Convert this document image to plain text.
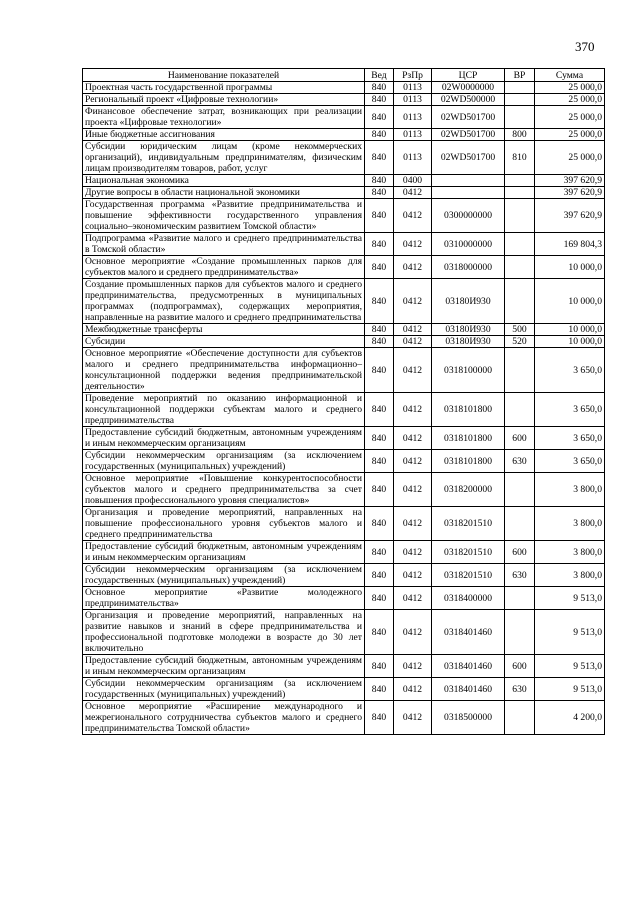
370
Наименование показателей	Вед	РзПр	ЦСР	ВР	Сумма
Проектная часть государственной программы	840	0113	02W0000000		25 000,0
Региональный проект «Цифровые технологии»	840	0113	02WD500000		25 000,0
Финансовое обеспечение затрат, возникающих при реализации проекта «Цифровые технологии»	840	0113	02WD501700		25 000,0
Иные бюджетные ассигнования	840	0113	02WD501700	800	25 000,0
Субсидии юридическим лицам (кроме некоммерческих организаций), индивидуальным предпринимателям, физическим лицам производителям товаров, работ, услуг	840	0113	02WD501700	810	25 000,0
Национальная экономика	840	0400			397 620,9
Другие вопросы в области национальной экономики	840	0412			397 620,9
Государственная программа «Развитие предпринимательства и повышение эффективности государственного управления социально–экономическим развитием Томской области»	840	0412	0300000000		397 620,9
Подпрограмма «Развитие малого и среднего предпринимательства в Томской области»	840	0412	0310000000		169 804,3
Основное мероприятие «Создание промышленных парков для субъектов малого и среднего предпринимательства»	840	0412	0318000000		10 000,0
Создание промышленных парков для субъектов малого и среднего предпринимательства, предусмотренных в муниципальных программах (подпрограммах), содержащих мероприятия, направленные на развитие малого и среднего предпринимательства	840	0412	03180И930		10 000,0
Межбюджетные трансферты	840	0412	03180И930	500	10 000,0
Субсидии	840	0412	03180И930	520	10 000,0
Основное мероприятие «Обеспечение доступности для субъектов малого и среднего предпринимательства информационно–консультационной поддержки ведения предпринимательской деятельности»	840	0412	0318100000		3 650,0
Проведение мероприятий по оказанию информационной и консультационной поддержки субъектам малого и среднего предпринимательства	840	0412	0318101800		3 650,0
Предоставление субсидий бюджетным, автономным учреждениям и иным некоммерческим организациям	840	0412	0318101800	600	3 650,0
Субсидии некоммерческим организациям (за исключением государственных (муниципальных) учреждений)	840	0412	0318101800	630	3 650,0
Основное мероприятие «Повышение конкурентоспособности субъектов малого и среднего предпринимательства за счет повышения профессионального уровня специалистов»	840	0412	0318200000		3 800,0
Организация и проведение мероприятий, направленных на повышение профессионального уровня субъектов малого и среднего предпринимательства	840	0412	0318201510		3 800,0
Предоставление субсидий бюджетным, автономным учреждениям и иным некоммерческим организациям	840	0412	0318201510	600	3 800,0
Субсидии некоммерческим организациям (за исключением государственных (муниципальных) учреждений)	840	0412	0318201510	630	3 800,0
Основное мероприятие «Развитие молодежного предпринимательства»	840	0412	0318400000		9 513,0
Организация и проведение мероприятий, направленных на развитие навыков и знаний в сфере предпринимательства и профессиональной подготовке молодежи в возрасте до 30 лет включительно	840	0412	0318401460		9 513,0
Предоставление субсидий бюджетным, автономным учреждениям и иным некоммерческим организациям	840	0412	0318401460	600	9 513,0
Субсидии некоммерческим организациям (за исключением государственных (муниципальных) учреждений)	840	0412	0318401460	630	9 513,0
Основное мероприятие «Расширение международного и межрегионального сотрудничества субъектов малого и среднего предпринимательства Томской области»	840	0412	0318500000		4 200,0
